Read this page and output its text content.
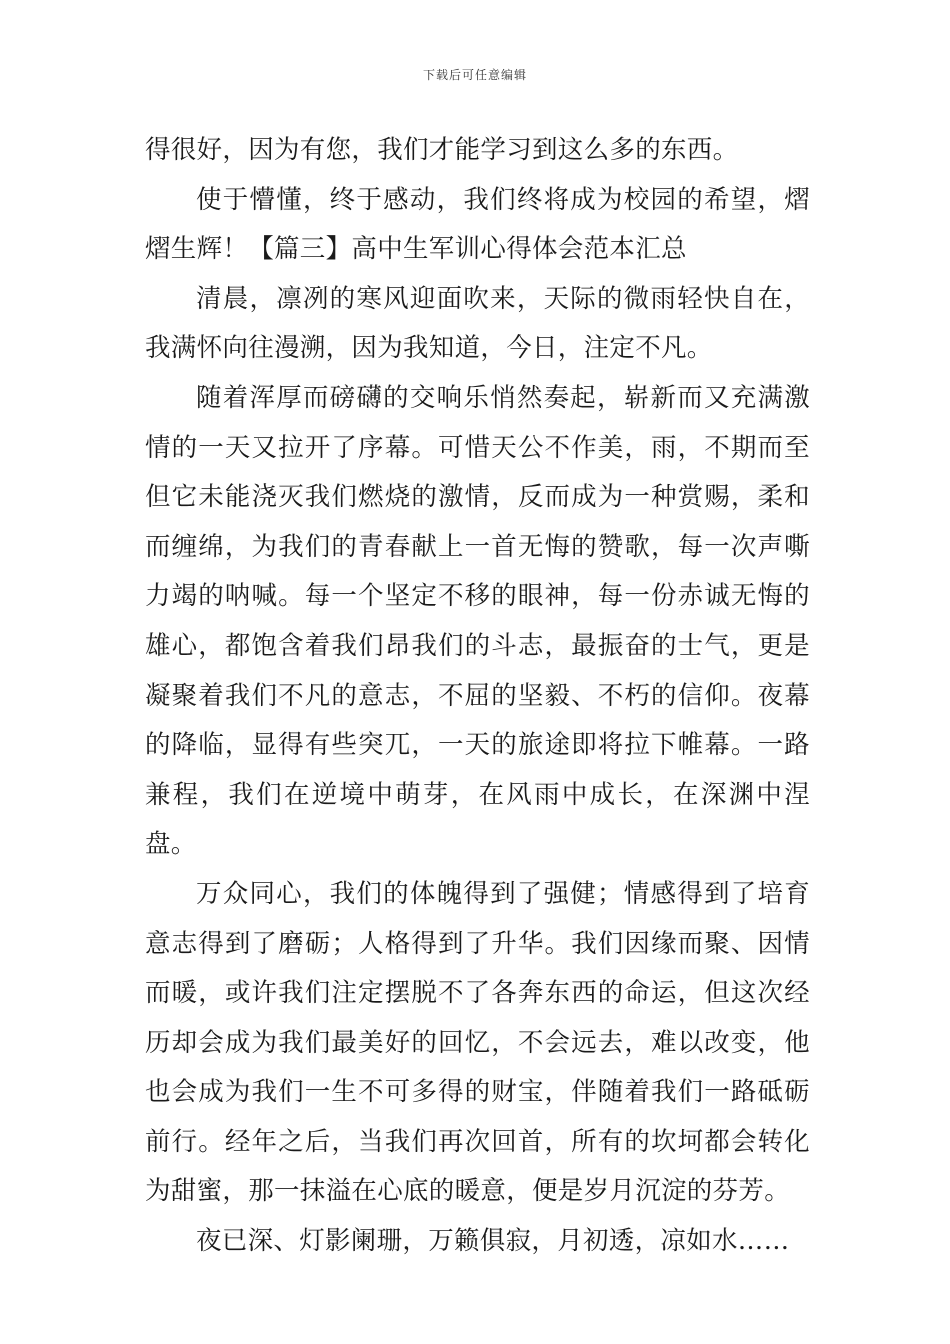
下载后可任意编辑

得很好，因为有您，我们才能学习到这么多的东西。

使于懵懂，终于感动，我们终将成为校园的希望，熠熠生辉！【篇三】高中生军训心得体会范本汇总

清晨，凛冽的寒风迎面吹来，天际的微雨轻快自在，我满怀向往漫溯，因为我知道，今日，注定不凡。

随着浑厚而磅礴的交响乐悄然奏起，崭新而又充满激情的一天又拉开了序幕。可惜天公不作美，雨，不期而至但它未能浇灭我们燃烧的激情，反而成为一种赏赐，柔和而缠绵，为我们的青春献上一首无悔的赞歌，每一次声嘶力竭的呐喊。每一个坚定不移的眼神，每一份赤诚无悔的雄心，都饱含着我们昂我们的斗志，最振奋的士气，更是凝聚着我们不凡的意志，不屈的坚毅、不朽的信仰。夜幕的降临，显得有些突兀，一天的旅途即将拉下帷幕。一路兼程，我们在逆境中萌芽，在风雨中成长，在深渊中涅盘。

万众同心，我们的体魄得到了强健；情感得到了培育意志得到了磨砺；人格得到了升华。我们因缘而聚、因情而暖，或许我们注定摆脱不了各奔东西的命运，但这次经历却会成为我们最美好的回忆，不会远去，难以改变，他也会成为我们一生不可多得的财宝，伴随着我们一路砥砺前行。经年之后，当我们再次回首，所有的坎坷都会转化为甜蜜，那一抹溢在心底的暖意，便是岁月沉淀的芬芳。

夜已深、灯影阑珊，万籁俱寂，月初透，凉如水……
